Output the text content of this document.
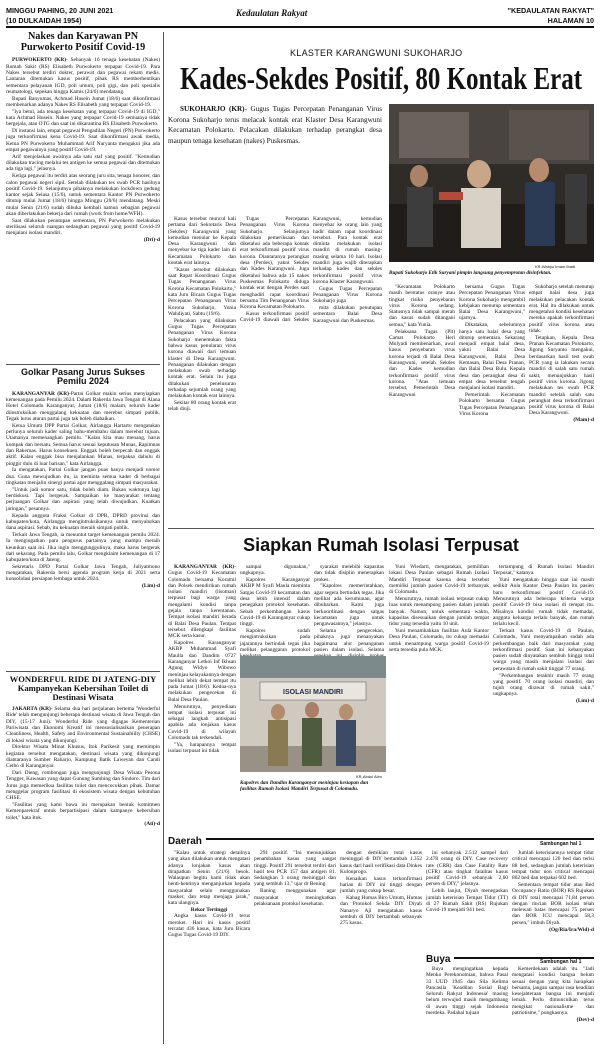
MINGGU PAHING, 20 JUNI 2021
(10 DULKAIDAH 1954)
Kedaulatan Rakyat	"KEDAULATAN RAKYAT"
HALAMAN 10
Nakes dan Karyawan PN Purwokerto Positif Covid-19

PURWOKERTO (KR)- Sebanyak 16 tenaga kesehatan (Nakes) Rumah Sakit (RS) Elisabeth Purwokerto terpapar Covid-19. Para Nakes tersebut terdiri dokter, perawat dan pegawai rekam medis. Lantaran ditemukan kasus positif, pihak RS memberhentikan sementara pelayanan IGD, poli umum, poli gigi, dan poli spesialis reumatologi, sepekan hingga Kamis (24/6) mendatang.

Bupati Banyumas, Achmad Husein Jumat (18/6) saat dikonfirmasi membenarkan adanya Nakes RS Elisabeth yang terpapar Covid-19.

"Iya betul, ada tenaga kesehatan yang terpapar Covid-19 di IGD," kata Achmad Husein. Nakes yang terpapar Covid-19 semuanya tidak bergejala, atau OTG dan saat ini dikarantina RS Elisabeth Purwokerto.

Di instansi lain, empat pegawai Pengadilan Negeri (PN) Purwokerto juga terkonfirmasi kena Covid-19. Saat dikonfirmasi awak media, Ketua PN Purwokerto Muhammad Arif Nuryanta mengakui jika ada empat pegawainya yang positif Covid-19.

Arif menjelaskan awalnya ada satu staf yang positif. "Kemudian dilakukan tracing melalui tes antigen ke semua pegawai dan ditemukan ada tiga lagi," jelasnya.

Ketiga pegawai itu terdiri atas seorang juru sita, tenaga honorer, dan calon pegawai negeri sipil. Setelah dilakukan tes swab PCR hasilnya positif Covid-19. Selanjutnya pihaknya melakukan lockdown gedung kantor sejak Selasa (15/6), untuk sementara Kantor PN Purwokerto ditutup mulai Jumat (18/6) hingga Minggu (20/6) mendatang. Meski mulai Senin (21/6) sudah dibuka kembali namun sebagian pegawai akan diberlakukan bekerja dari rumah (work from home/WFH).

Saat dilakukan penutupan sementara, PN Purwokerto melakukan sterilisasi seluruh ruangan sedangkan pegawai yang positif Covid-19 menjalani isolasi mandiri.

(Dri)-d
Golkar Pasang Jurus Sukses Pemilu 2024

KARANGANYAR (KR)-Partai Golkar makin serius menyiapkan kemenangan pada Pemilu 2024. Dalam Rakerda Jawa Tengah di Alana Hotel Colomadu Karanganyar, Jumat (18/6) malam, seluruh kader diinstruksikan menggalang kekuatan dan merebut simpati publik. Tegak lurus aturan partai juga tak boleh diabaikan.

Ketua Umum DPP Partai Golkar, Airlangga Hartarto mengatakan perlunya seluruh kader saling bahu-membahu dalam merebut tujuan. Utamanya memenangkan pemilu. "Kalau kita mau menang, harus kompak dan bersatu. Semua harus sesuai keputusan Munas, Rapimnas dan Rakernas. Harus konsekuen. Enggak boleh berpecah dan enggak aktif. Kalau enggak bisa menjalankan Munas, terpaksa dahulu di pinggir dulu di luar barisan," kata Airlangga.

Ia mengatakan, Partai Golkar jangan puas hanya menjadi nomor dua. Guna mewujudkan itu, ia meminta semua kader di berbagai tingkatan menjalin sinergi partai agar menggalang simpati masyarakat.

"Untuk jadi nomor satu, tidak boleh diam. Bukan waktunya lagi berdiskusi. Tapi bergerak. Sampaikan ke masyarakat tentang perjuangan Golkar dan aspirasi yang telah diwujudkan. Kuatkan jaringan," pesannya.

Kepada anggota Fraksi Golkar di DPR, DPRD provinsi dan kabupaten/kota, Airlangga mengintruksikannya untuk menyalurkan dana aspirasi. Sebab, itu kekuatan meraih simpati publik.

Terkait Jawa Tengah, ia menuntut target kemenangan pemilu 2024. Ia mengingatkan para pengurus partainya yang mampu meraih keunikan saat ini. Jika ingin menggunggulinya, maka harus bergerak dari sekarang. Pada pemilu lalu, Golkar mengklaim kemenangan di 17 kabupaten/kota di Jateng.

Sekretaris DPD Partai Golkar Jawa Tengah, Juliyatmono mengatakan, Rakerda bersi agenda program kerja di 2021 serta konsolidasi persiapan lembaga untuk 2024.

(Lim)-d
WONDERFUL RIDE DI JATENG-DIY Kampanyekan Kebersihan Toilet di Destinasi Wisata

JAKARTA (KR)- Selama dua hari perjalanan bertema 'Wonderful Ride' telah mengunjungi beberapa destinasi wisata di Jawa Tengah dan DIY, (15-17 Juni). Wonderful Ride yang digagas Kementerian Pariwisata dan Ekonomi Kreatif ini mensosialisasikan penerapan Cleanliness, Health, Safety and Environmental Sustainability (CHSE) di lokasi wisata yang dikunjungi.

Direktur Wisata Minat Khusus, Itok Parikesit yang memimpin kegiatan tersebut mengatakan, destinasi wisata yang dikunjungi diantaranya Sumber Raharjo, Kampung Batik Laweyan dan Candi Cetho di Karanganyar.

Dari Dieng, rombongan juga mengunjungi Desa Wisata Pesona Tengger, Kawasan yang dapat Gunung Sumbing dan Sindoro. Tim dari Jurus juga memeriksa fasilitas toilet dan mencocokkan pihak. Damar menggelar program fasilitasi di ekosistem wisata dengan kebutuhan CHSE.

"Fasilitas yang kami bawa ini merupakan bentuk komitmen Kemenparekraf untuk berpartisipasi dalam kampanye kebersihan toilet," kata Itok.

(Ati)-d
KLASTER KARANGWUNI SUKOHARJO
Kades-Sekdes Positif, 80 Kontak Erat

SUKOHARJO (KR)- Gugus Tugas Percepatan Penanganan Virus Korona Sukoharjo terus melacak kontak erat Klaster Desa Karangwuni Kecamatan Polokarto. Pelacakan dilakukan terhadap perangkat desa maupun tenaga kesehatan (nakes) Puskesmas.

KR-Wahyu Imam Ibadi
Bupati Sukoharjo Etik Suryani pimpin langsung penyemprotan disinfektan.

Kasus tersebut muncul kali pertama dari Sekretaris Desa (Sekdes) Karangwuni yang kemudian menular ke Kepala Desa Karangwuni dan menyebar ke tiga kader lain di Kecamatan Polokarto dan kontak erat lainnya.

"Kasus tersebut dilakukan saat Rapat Koordinasi Gugus Tugas Penanganan Virus Korona Kecamatan Polokarto," kata Juru Bicara Gugus Tugas Percepatan Penanganan Virus Korona Sukoharjo, Yunia Wahdiyati, Sabtu (19/6).

Pelacakan yang dilakukan Gugus Tugas Percepatan Penanganan Virus Korona Sukoharjo menemukan fakta bahwa kasus penularan virus korona diawali dari temuan klaster di Desa Karangwuni. Penanganan dilakukan dengan melakukan swab terhadap kontak erat. Selain itu juga dilakukan penelusuran terhadap sejumlah orang yang melakukan kontak erat lainnya.

Sekitar 80 orang kontak erat telah diuji.

Tugas Percepatan Penanganan Virus Korona Sukoharjo. Selanjutnya dilakukan pemeriksaan dan diketahui ada beberapa kontak erat terkonfirmasi positif virus korona. Diantaranya perangkat desa (Perdes), yakni Sekdes dan Kades Karangwuni. Juga diketahui bahwa ada 15 nakes Puskesmas Polokarto diduga kontak erat dengan Perdes saat menghadiri rapat koordinasi bersama Tim Penanganan Virus Korona Kecamatan Polokarto.

Kasus terkonfirmasi positif Covid-19 diawali dari Sekdes Karangwuni, kemudian menyebar ke orang lain yang hadir dalam rapat koordinasi tersebut. Para kontak erat diminta melakukan isolasi mandiri di rumah masing-masing selama 10 hari. Isolasi mandiri juga wajib diterapkan terhadap kades dan sekdes terkonfirmasi positif virus korona Klaster Karangwuni.

Gugus Tugas Percepatan Penanganan Virus Korona Sukoharjo juga

mita dilakukan penutupan sementara Balai Desa Karangwuni dan Puskesmas.

"Kecamatan Polokarto masih berstatus oranye atau tingkat risiko penyebaran virus Korona sedang. Statusnya tidak sampai merah dan kasus sudah ditangani semua," kata Yunia.

Pelaksana Tugas (Plt) Camat Polokarto Heri Mulyadi membenarkan, awal kasus penyebaran virus korona terjadi di Balai Desa Karangwuni, setelah Sekdes dan Kades kemudian terkonfirmasi positif virus korona. "Atas temuan tersebut, Pemerintah Desa Karangwuni

bersama Gugus Tugas Percepatan Penanganan Virus Korona Sukoharjo mengambil kebijakan menutup sementara Balai Desa Karangwuni," ujarnya.

Dikatakan, sebelumnya hanya satu balai desa yang ditutup sementara. Sekarang menjadi empat balai desa, yakni Balai Desa Karangwuni, Balai Desa Kemasan, Balai Desa Pranan, dan Balai Desa Bulu. Kepala desa dan perangkat desa di empat desa tersebut tengah menjalani isolasi mandiri.

Pemerintah Kecamatan Polokarto bersama Gugus Tugas Percepatan Penanganan Virus Korona

Sukoharjo setelah menutup empat balai desa juga melakukan pelacakan kontak erat. Hal itu dilakukan untuk mengetahui kondisi kesehatan mereka apakah terkonfirmasi positif virus korona atau tidak.

Tetapkan, Kepala Desa Pranan Kecamatan Polokarto, Jigong Suryanto mengakui, berdasarkan hasil test swab PCR yang ia lakukan secara mandiri di salah satu rumah sakit, menunjukkan hasil positif virus korona. Jigong melakukan tes swab PCR mandiri setelah salah satu perangkat desa terkonfirmasi positif virus korona di Balai Desa Karangwuni.

(Mam)-d
Siapkan Rumah Isolasi Terpusat

KARANGANYAR (KR)-Gugus Covid-19 Kecamatan Colomadu bersama Koramil dan Polsek mendirikan rumah isolasi mandiri (lisoman) terpusat bagi warga yang mengalami kondisi tanpa gejala tanpa kerentanan. Tempat isolasi mandiri berada di Balai Desa Paulan. Tempat tersebut dilengkapi fasilitas MCK serta kasur.

Kapolres Karanganyar AKBP Muhammad Syafi Maulla dan Dandim 0727 Karanganyar Letkol Inf Ikhsan Agung Widyo Wibowo meninjau kelayakannya dengan melihat lebih dekat tempat itu pada Jumat (18/6). Kedua-nya melakukan pengecekan di Balai Desa Paulan.

Menurutnya, penyediaan tempat isolasi terpusat ini sebagai langkah antisipasi apabila ada lonjakan kasus Covid-19 di wilayah Colomadu tak terkendali.

"Ya, harapannya tempat isolasi terpusat ini tidak

sampai digunakan," ungkapnya.

Kapolres Karanganyar AKBP M Syafi Maula meminta Satgas Covid-19 kecamatan dan desa lebih intensif dalam penegakan protokol kesehatan. Sebab perkembangan kasus Covid-19 di Karanganyar cukup tinggi.

Kapolres sudah mengintruksikan pada jajarannya bertindak tegas jika melihat pelanggaran protokol

syarakat melebihi kapasitas dan tidak disiplin menerapkan prokes.

"Kapolres memerintahkan, agar segera bertindak tegas. Jika melihat ada kerumunan, agar dibubarkan. Kami juga berkoordinasi dengan satgas kecamatan juga untuk pengawasannya," jelasnya.

Selama pengecekan, pihaknya juga menanyakan bagaimana alur penanganan pasien dalam isolasi. Selama

ISOLASI MANDIRI
KR-Abdul Alim
Kapolres dan Dandim Karanganyar meninjau kesiapan dan fasilitas Rumah Isolasi Mandiri Terpusat di Colomadu.

Yuni Wiedarti, mengatakan, pemilihan lokasi Desa Paulan sebagai Rumah Isolasi Mandiri Terpusat karena desa tersebut memiliki jumlah pasien Covid-19 terbanyak di Colomadu.

Menurutnya, rumah isolasi terpusat cukup luas untuk menampung pasien dalam jumlah banyak. Namun, untuk sementara waktu, kapasitas disesuaikan dengan jumlah tempat tidur yang tersedia yaitu 10 unit.

Yuni menambahkan fasilitas Aula Kantor Desa Paulan, Colomadu, itu cukup memadai untuk menampung warga positif Covid-19 serta tersedia pula MCK.

tertampung di Rumah Isolasi Mandiri Terpusat," katanya.

Yuni mengatakan hingga saat ini masih sedikit Aula Kantor Desa Paulan itu pasien baru terkonfirmasi positif Covid-19. Menurutnya ada beberapa kriteria warga positif Covid-19 bisa isolasi di tempat itu. Misalnya kondisi rumah tidak memadai, anggota keluarga terlalu banyak, dan rumah terlalu kecil.

Terkait kasus Covid-19 di Paulan, Colomadu, Yuni menyampaikan sudah ada perkembangan baik dari masyarakat yang terkonfirmasi positif. Saat ini kebanyakan pasien sudah dinyatakan sembuh hingga total warga yang masih menjalani isolasi dan perawatan di rumah sakit tinggal 77 orang.

"Perkembangan terakhir masih 77 orang yang positif. 70 orang isolasi mandiri, dan tujuh orang dirawat di rumah sakit," ungkapnya.

(Lim)-d
Daerah	Sambungan hal 1

"Kalau untuk strategi detailnya yang akan dilakukan untuk mengatasi adanya lonjakan kasus akan dirapatkan Senin (21/6) besok. Walaupun begitu kami tidak akan henti-hentinya menganjurkan kepada masyarakat selalu menggunakan masker, dan tetap menjaga jarak," kata ulangnya.

Rekor Tertinggi

Angka kasus Covid-19 terus meroket. Hari ini kasus positif tercatat 436 kasus, kata Juru Bicara Gugus Tugas Covid-19 DIY.

291 positif. "Ini menunjukkan penambahan kasus yang sangat tinggi. Positif 291 tersebut terdiri dari hasil test PCR 157 dan antigen 81. Sedangkan 3 orang meninggal dan yang sembuh 13," ujar dr Bening.

Baning menggunakan agar masyarakat meningkatkan pelaksanaan protokol kesehatan.

dengan demikian total kasus meninggal di DIY bertambah 1.352 kasus dari hasil verifikasi data Dinkes Kulonprogo.

Kenaikan kasus terkonfirmasi harian di DIY ini tinggi dengan jumlah yang cukup besar.

Kabag Humas Biro Umum, Humas dan Protokol Sekda DIY Diyah Nanaryo Aji mengatakan kasus sembuh di DIY bertambah sebanyak 275 kasus.

ini sebanyak 2.512 sampel dari 2.478 orang di DIY. Case recovery rate (CRR) dan Case Fatality Rate (CFR) atau tingkat fatalitas kasus positif Covid-19 sebanyak 2,60 persen di DIY," jelasnya.

Lebih lanjut, Diyah menegaskan jumlah keterisian Tempat Tidur (TT) di 27 Rumah Sakit (RS) Rujukan Covid-19 menjadi 941 bed.

Jumlah keterisiannya tempat tidur critical mencapai 120 bed dan terisi 88 bed, sedangkan jumlah keterisian tempat tidur non critical mencapai 802 bed dan terpakai 602 bed.

Sementara tempat tidur atau Bed Occupancy Ratio (BOR) RS Rujukan di DIY total mencapai 71,84 persen dengan rincian BOR isolasi telah melewati batas mencapai 75 persen dan BOR ICU mencapai 58,3 persen," imbuh Diyah.

(Og/Ria/Ira/Wid)-d
Buya	Sambungan hal 1

Buya mengingatkan kepada Menko Perekonomian, bahwa Pasal 33 UUD 1945 dan Sila Kelima Pancasila 'Keadilan Sosial Bagi Seluruh Rakyat Indonesia' masing belum terwujud masih mengambang di awan tinggi sejak Indonesia merdeka. Padahal tujuan

Kemerdekaan adalah itu. "Jadi mengatasi kondisi bangsa belum sesuai dengan yang kita harapkan bersama, jangan sampai rasa keadilan kesejahteraan bangsa ini menjadi lemah. Perlu dimunculkan terus mengikat nasionalisme dan patriotisme," pungkasnya.

(Dev)-d
